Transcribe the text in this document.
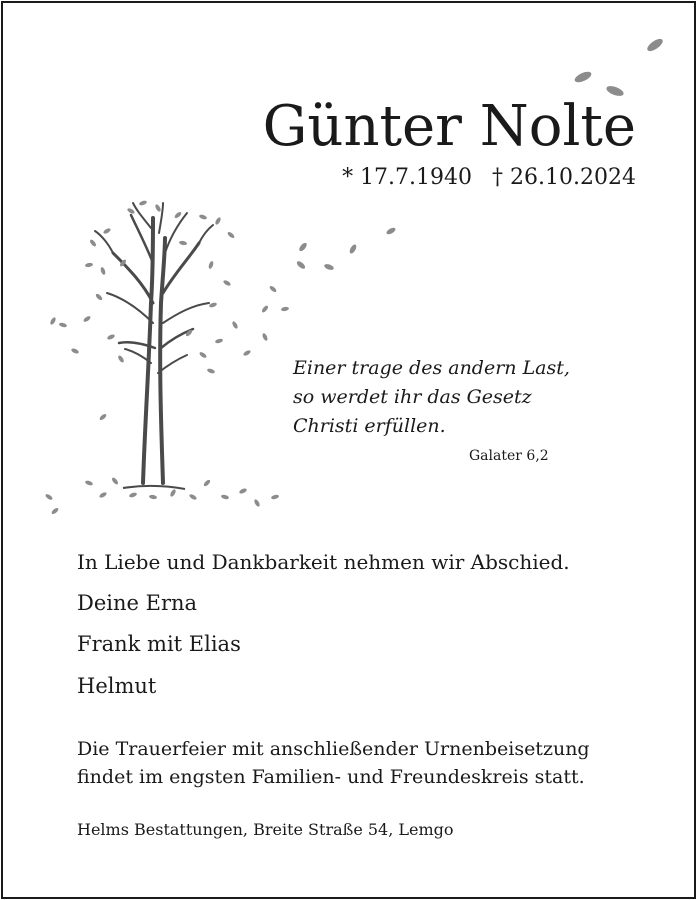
Günter Nolte
* 17.7.1940 † 26.10.2024
Einer trage des andern Last,
so werdet ihr das Gesetz
Christi erfüllen.
Galater 6,2
In Liebe und Dankbarkeit nehmen wir Abschied.
Deine Erna
Frank mit Elias
Helmut
Die Trauerfeier mit anschließender Urnenbeisetzung
findet im engsten Familien- und Freundeskreis statt.
Helms Bestattungen, Breite Straße 54, Lemgo
